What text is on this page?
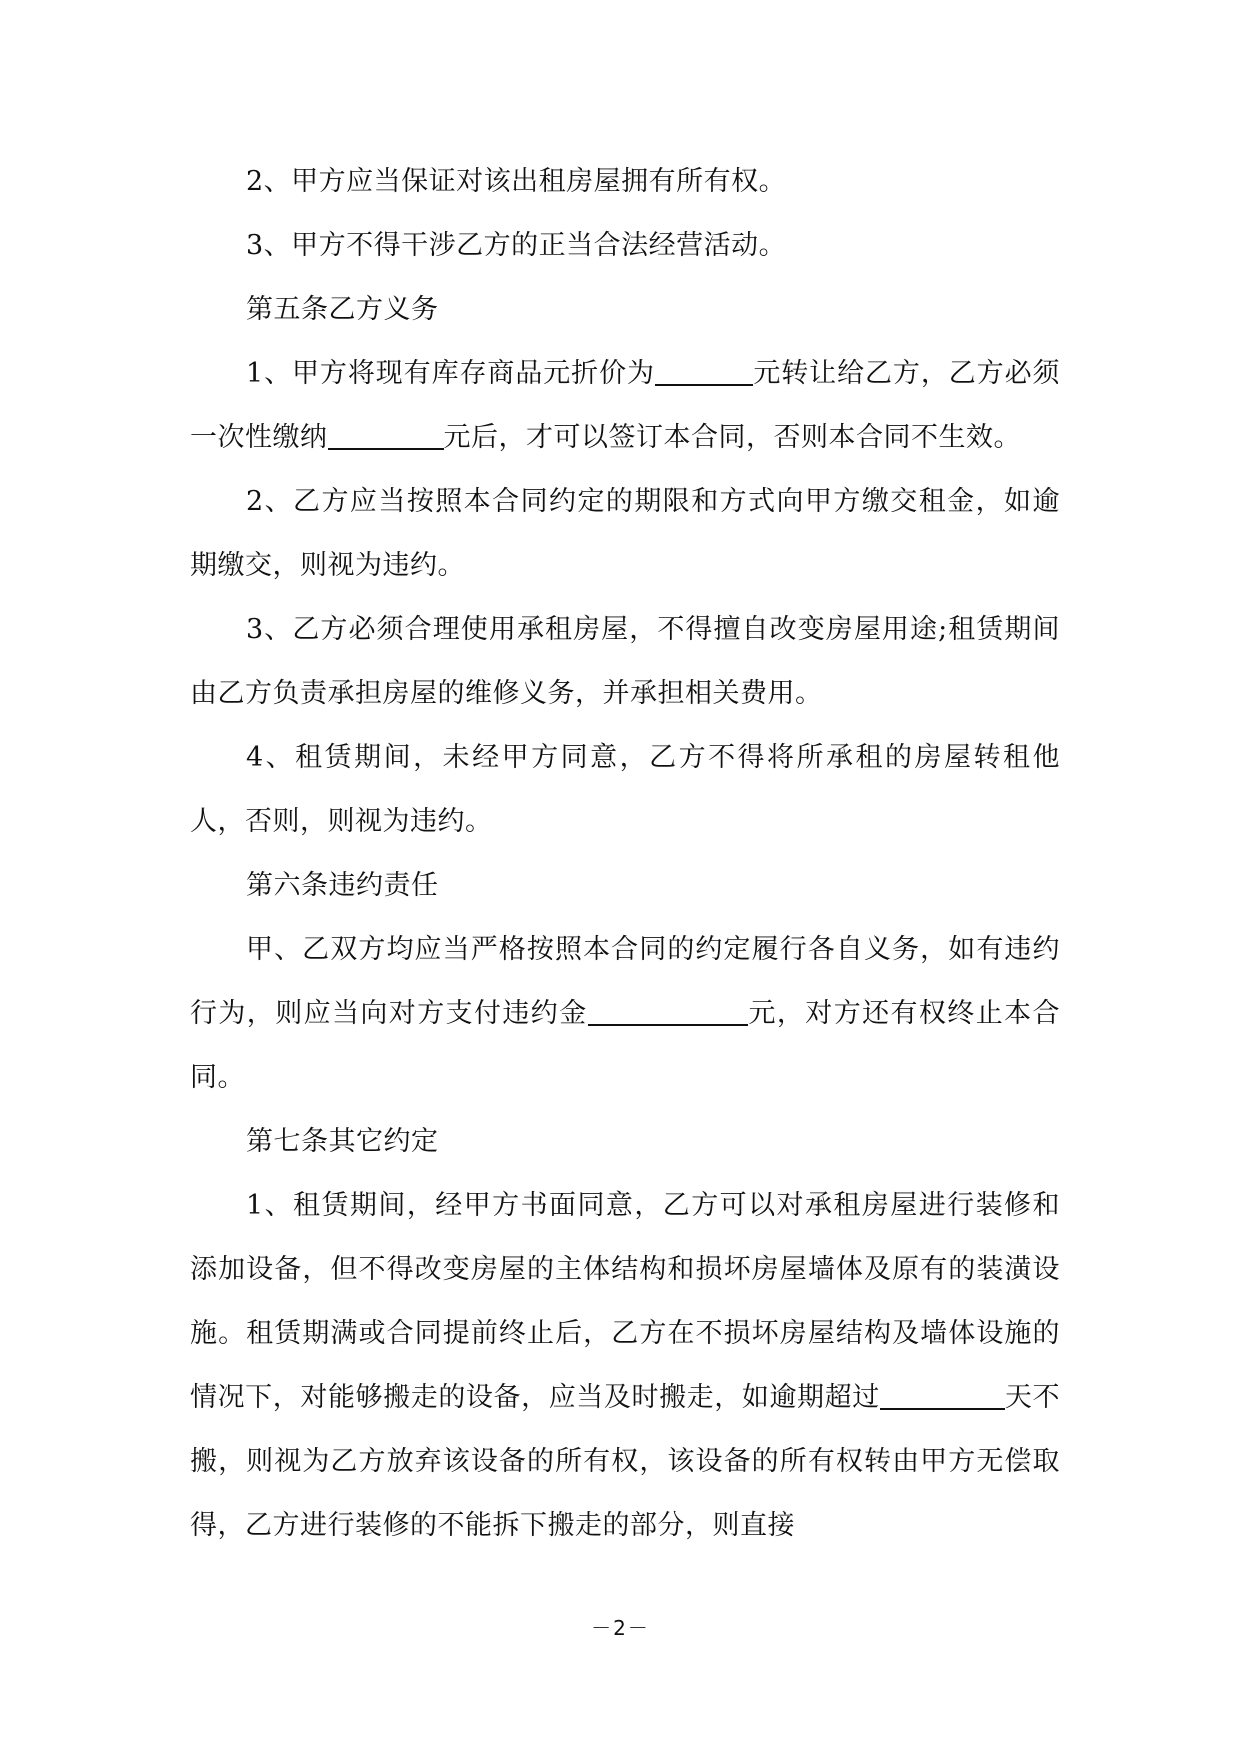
2、甲方应当保证对该出租房屋拥有所有权。

3、甲方不得干涉乙方的正当合法经营活动。

第五条乙方义务

1、甲方将现有库存商品元折价为	元转让给乙方，乙方必须一次性缴纳	元后，才可以签订本合同，否则本合同不生效。

2、乙方应当按照本合同约定的期限和方式向甲方缴交租金，如逾期缴交，则视为违约。

3、乙方必须合理使用承租房屋，不得擅自改变房屋用途;租赁期间由乙方负责承担房屋的维修义务，并承担相关费用。

4、租赁期间，未经甲方同意，乙方不得将所承租的房屋转租他人，否则，则视为违约。

第六条违约责任

甲、乙双方均应当严格按照本合同的约定履行各自义务，如有违约行为，则应当向对方支付违约金	元，对方还有权终止本合同。

第七条其它约定

1、租赁期间，经甲方书面同意，乙方可以对承租房屋进行装修和添加设备，但不得改变房屋的主体结构和损坏房屋墙体及原有的装潢设施。租赁期满或合同提前终止后，乙方在不损坏房屋结构及墙体设施的情况下，对能够搬走的设备，应当及时搬走，如逾期超过	天不搬，则视为乙方放弃该设备的所有权，该设备的所有权转由甲方无偿取得，乙方进行装修的不能拆下搬走的部分，则直接

－2－
